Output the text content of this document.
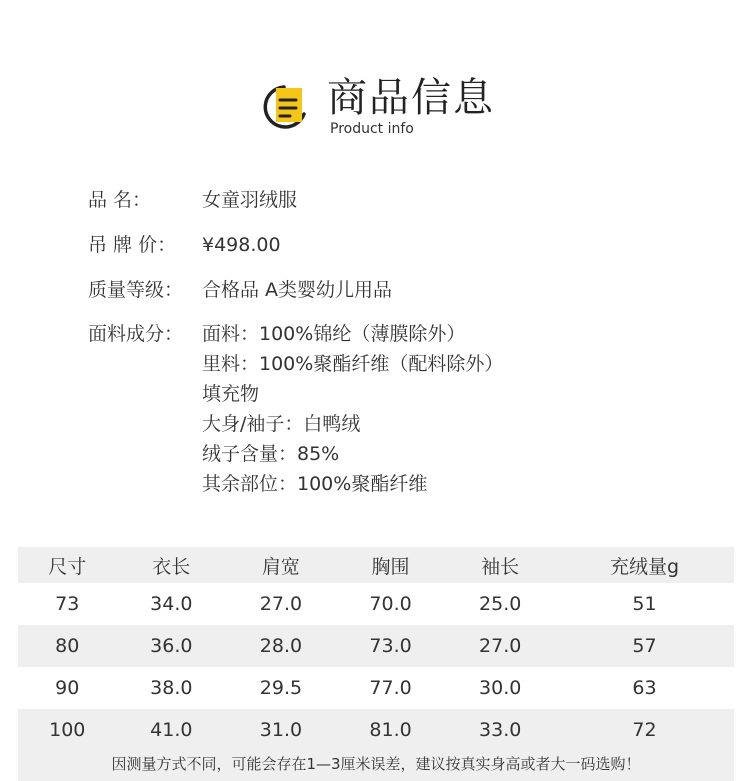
商品信息
Product info
品 名：	女童羽绒服
吊 牌 价：	¥498.00
质量等级： 合格品 A类婴幼儿用品
面料成分： 面料：100%锦纶（薄膜除外）
里料：100%聚酯纤维（配料除外）
填充物
大身/袖子：白鸭绒
绒子含量：85%
其余部位：100%聚酯纤维
尺寸	衣长	肩宽	胸围	袖长	充绒量g
73	34.0	27.0	70.0	25.0	51
80	36.0	28.0	73.0	27.0	57
90	38.0	29.5	77.0	30.0	63
100	41.0	31.0	81.0	33.0	72
因测量方式不同，可能会存在1—3厘米误差，建议按真实身高或者大一码选购！
